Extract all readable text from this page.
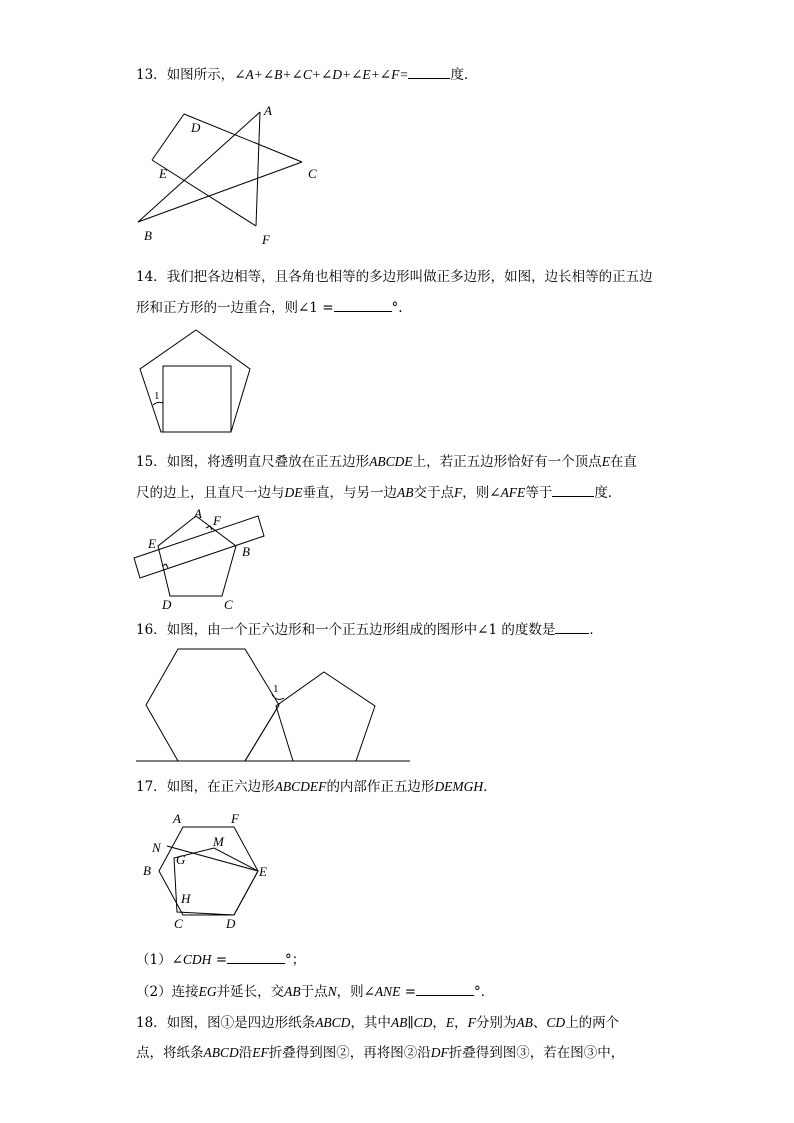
13．如图所示，∠A+∠B+∠C+∠D+∠E+∠F=	度．
A
D
C
E
B	F
14．我们把各边相等，且各角也相等的多边形叫做正多边形，如图，边长相等的正五边
形和正方形的一边重合，则∠1 =	°.
1
15．如图，将透明直尺叠放在正五边形ABCDE上，若正五边形恰好有一个顶点E在直
尺的边上，且直尺一边与DE垂直，与另一边AB交于点F，则∠AFE等于	度．
A F
E
B
D	C
16．如图，由一个正六边形和一个正五边形组成的图形中∠1 的度数是	．
1
17．如图，在正六边形ABCDEF的内部作正五边形DEMGH．
A	F
N	M
G
B	E
H
C	D
（1）∠CDH =	°；
（2）连接EG并延长，交AB于点N，则∠ANE =	°．
18．如图，图①是四边形纸条ABCD，其中AB∥CD，E，F分别为AB、CD上的两个
点，将纸条ABCD沿EF折叠得到图②，再将图②沿DF折叠得到图③，若在图③中，
